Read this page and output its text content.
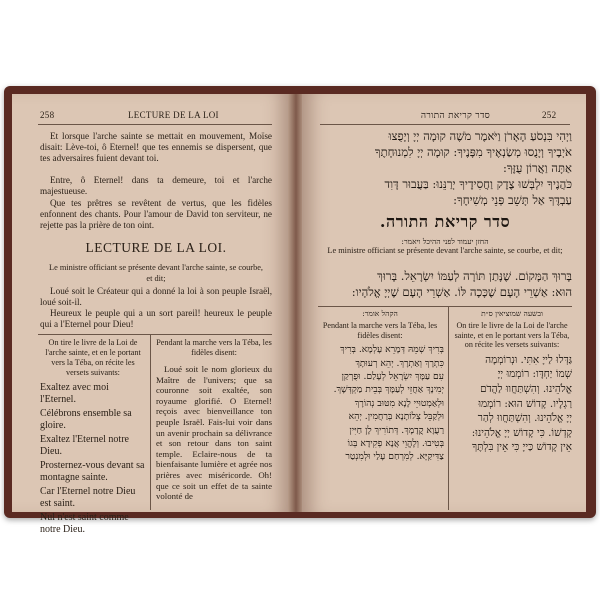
258	LECTURE DE LA LOI

Et lorsque l'arche sainte se mettait en mouvement, Moïse disait: Lève-toi, ô Eternel! que tes ennemis se dispersent, que tes adversaires fuient devant toi.

Entre, ô Eternel! dans ta demeure, toi et l'arche majestueuse.

Que tes prêtres se revêtent de vertus, que les fidèles enfonnent des chants. Pour l'amour de David ton serviteur, ne rejette pas la prière de ton oint.

LECTURE DE LA LOI.

Le ministre officiant se présente devant l'arche sainte, se courbe, et dit;

Loué soit le Créateur qui a donné la loi à son peuple Israël, loué soit-il.

Heureux le peuple qui a un sort pareil! heureux le peuple qui a l'Eternel pour Dieu!

On tire le livre de la Loi de l'arche sainte, et en le portant vers la Téba, on récite les versets suivants:

Exaltez avec moi l'Eternel.

Célébrons ensemble sa gloire.

Exaltez l'Eternel notre Dieu.

Prosternez-vous devant sa montagne sainte.

Car l'Eternel notre Dieu est saint.

Nul n'est saint comme notre Dieu.

Pendant la marche vers la Téba, les fidèles disent:

Loué soit le nom glorieux du Maître de l'univers; que sa couronne soit exaltée, son royaume glorifié. O Eternel! reçois avec bienveillance ton peuple Israël. Fais-lui voir dans un avenir prochain sa délivrance et son retour dans ton saint temple. Eclaire-nous de ta bienfaisante lumière et agrée nos prières avec miséricorde. Oh! que ce soit un effet de ta sainte volonté de

סדר קריאת התורה	252
וַיְהִי בִּנְסֹעַ הָאָרֹן וַיֹּאמֶר מֹשֶׁה קוּמָה יְיָ וְיָפֻצוּ
אֹיְבֶיךָ וְיָנֻסוּ מְשַׂנְאֶיךָ מִפָּנֶיךָ: קוּמָה יְיָ לִמְנוּחָתֶךָ
אַתָּה וַאֲרוֹן עֻזֶּךָ:
כֹּהֲנֶיךָ יִלְבְּשׁוּ צֶדֶק וַחֲסִידֶיךָ יְרַנֵּנוּ: בַּעֲבוּר דָּוִד
עַבְדֶּךָ אַל תָּשֵׁב פְּנֵי מְשִׁיחֶךָ:
סדר קריאת התורה.

החזן יעמוד לפני ההיכל ויאמר:

Le ministre officiant se présente devant l'arche sainte, se courbe, et dit;

בָּרוּךְ הַמָּקוֹם. שֶׁנָּתַן תּוֹרָה לְעַמּוֹ יִשְׂרָאֵל. בָּרוּךְ
הוּא: אַשְׁרֵי הָעָם שֶׁכָּכָה לּוֹ. אַשְׁרֵי הָעָם שֶׁיְיָ אֱלֹהָיו:

ובשעה שמוציאין ס״ת

On tire le livre de la Loi de l'arche sainte, et en le portant vers la Téba, on récite les versets suivants:

גַּדְּלוּ לַייָ אִתִּי. וּנְרוֹמְמָה
שְׁמוֹ יַחְדָּו: רוֹמְמוּ יְיָ
אֱלֹהֵינוּ. וְהִשְׁתַּחֲווּ לַהֲדֹם
רַגְלָיו. קָדוֹשׁ הוּא: רוֹמְמוּ
יְיָ אֱלֹהֵינוּ. וְהִשְׁתַּחֲווּ לְהַר
קָדְשׁוֹ. כִּי קָדוֹשׁ יְיָ אֱלֹהֵינוּ:
אֵין קָדוֹשׁ כַּייָ כִּי אֵין בִּלְתֶּךָ

הקהל אומר:

Pendant la marche vers la Téba, les fidèles disent:

בְּרִיךְ שְׁמֵהּ דְּמָרֵא עָלְמָא. בְּרִיךְ
כִּתְרָךְ וְאַתְרָךְ. יְהֵא רְעוּתָךְ
עִם עַמָּךְ יִשְׂרָאֵל לְעָלַם. וּפֻרְקַן
יְמִינָךְ אַחֲזֵי לְעַמָּךְ בְּבֵית מַקְדְּשָׁךְ.
וּלְאַמְטוּיֵי לָנָא מִטּוּב נְהוֹרָךְ
וּלְקַבֵּל צְלוֹתָנָא בְּרַחֲמִין. יְהֵא
רַעֲוָא קֳדָמָךְ. דְּתוֹרִיךְ לָן חַיִּין
בְּטִיבוּ. וְלֶהֱוֵי אֲנָא פְקִידָא בְּגוֹ
צַדִּיקַיָּא. לְמִרְחַם עָלַי וּלְמִנְטַר
